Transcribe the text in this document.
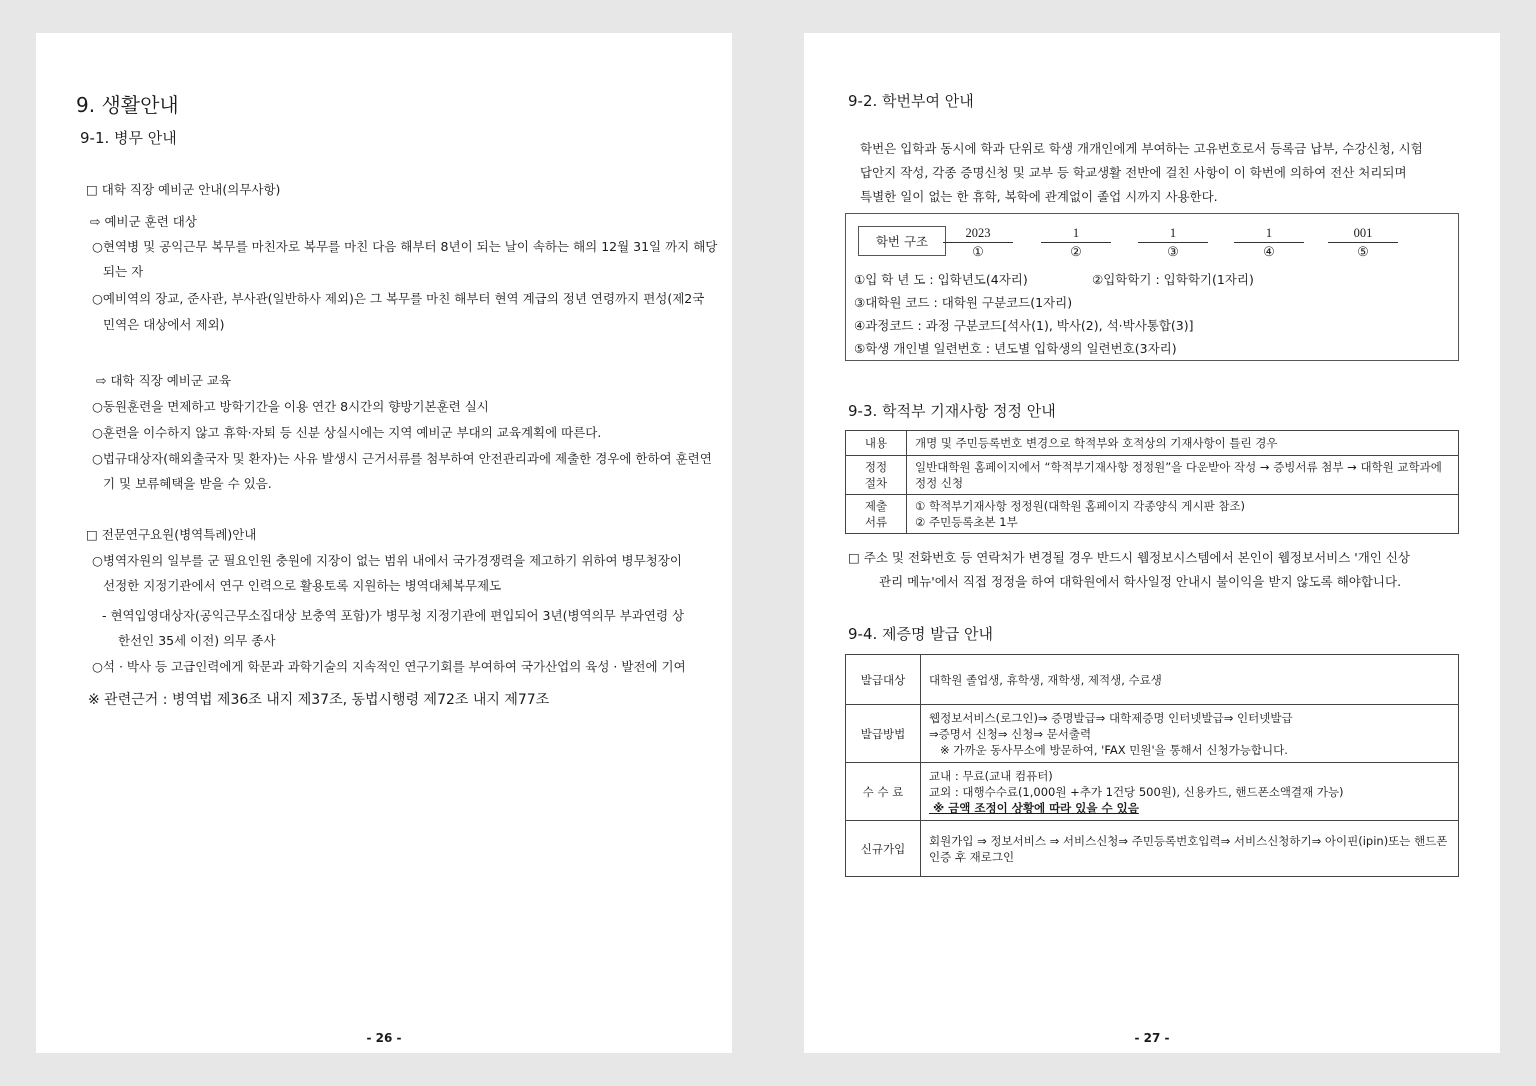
9. 생활안내
9-1. 병무 안내
□ 대학 직장 예비군 안내(의무사항)
⇨ 예비군 훈련 대상
○현역병 및 공익근무 복무를 마친자로 복무를 마친 다음 해부터 8년이 되는 날이 속하는 해의 12월 31일 까지 해당
되는 자
○예비역의 장교, 준사관, 부사관(일반하사 제외)은 그 복무를 마친 해부터 현역 계급의 정년 연령까지 편성(제2국
민역은 대상에서 제외)
⇨ 대학 직장 예비군 교육
○동원훈련을 면제하고 방학기간을 이용 연간 8시간의 향방기본훈련 실시
○훈련을 이수하지 않고 휴학·자퇴 등 신분 상실시에는 지역 예비군 부대의 교육계획에 따른다.
○법규대상자(해외출국자 및 환자)는 사유 발생시 근거서류를 첨부하여 안전관리과에 제출한 경우에 한하여 훈련연
기 및 보류혜택을 받을 수 있음.
□ 전문연구요원(병역특례)안내
○병역자원의 일부를 군 필요인원 충원에 지장이 없는 범위 내에서 국가경쟁력을 제고하기 위하여 병무청장이
선정한 지정기관에서 연구 인력으로 활용토록 지원하는 병역대체복무제도
- 현역입영대상자(공익근무소집대상 보충역 포함)가 병무청 지정기관에 편입되어 3년(병역의무 부과연령 상
한선인 35세 이전) 의무 종사
○석 · 박사 등 고급인력에게 학문과 과학기술의 지속적인 연구기회를 부여하여 국가산업의 육성 · 발전에 기여
※ 관련근거 : 병역법 제36조 내지 제37조, 동법시행령 제72조 내지 제77조
- 26 -
9-2. 학번부여 안내
학번은 입학과 동시에 학과 단위로 학생 개개인에게 부여하는 고유번호로서 등록금 납부, 수강신청, 시험
답안지 작성, 각종 증명신청 및 교부 등 학교생활 전반에 걸친 사항이 이 학번에 의하여 전산 처리되며
특별한 일이 없는 한 휴학, 복학에 관계없이 졸업 시까지 사용한다.
학번 구조
2023
①
1
②
1
③
1
④
001
⑤
①입 학 년 도 : 입학년도(4자리)	②입학학기 : 입학학기(1자리)
③대학원 코드 : 대학원 구분코드(1자리)
④과정코드 : 과정 구분코드[석사(1), 박사(2), 석·박사통합(3)]
⑤학생 개인별 일련번호 : 년도별 입학생의 일련번호(3자리)
9-3. 학적부 기재사항 정정 안내
내용	개명 및 주민등록번호 변경으로 학적부와 호적상의 기재사항이 틀린 경우
정정
절차	일반대학원 홈페이지에서 “학적부기재사항 정정원”을 다운받아 작성 → 증빙서류 첨부 → 대학원 교학과에
정정 신청
제출
서류	① 학적부기재사항 정정원(대학원 홈페이지 각종양식 게시판 참조)
② 주민등록초본 1부
□ 주소 및 전화번호 등 연락처가 변경될 경우 반드시 웹정보시스템에서 본인이 웹정보서비스 '개인 신상
관리 메뉴'에서 직접 정정을 하여 대학원에서 학사일정 안내시 불이익을 받지 않도록 해야합니다.
9-4. 제증명 발급 안내
발급대상	대학원 졸업생, 휴학생, 재학생, 제적생, 수료생
발급방법	웹정보서비스(로그인)⇒ 증명발급⇒ 대학제증명 인터넷발급⇒ 인터넷발급
⇒증명서 신청⇒ 신청⇒ 문서출력
※ 가까운 동사무소에 방문하여, 'FAX 민원'을 통해서 신청가능합니다.
수 수 료	교내 : 무료(교내 컴퓨터)
교외 : 대행수수료(1,000원 +추가 1건당 500원), 신용카드, 핸드폰소액결재 가능)
※ 금액 조정이 상황에 따라 있을 수 있음
신규가입	회원가입 ⇒ 정보서비스 ⇒ 서비스신청⇒ 주민등록번호입력⇒ 서비스신청하기⇒ 아이핀(ipin)또는 핸드폰
인증 후 재로그인
- 27 -
